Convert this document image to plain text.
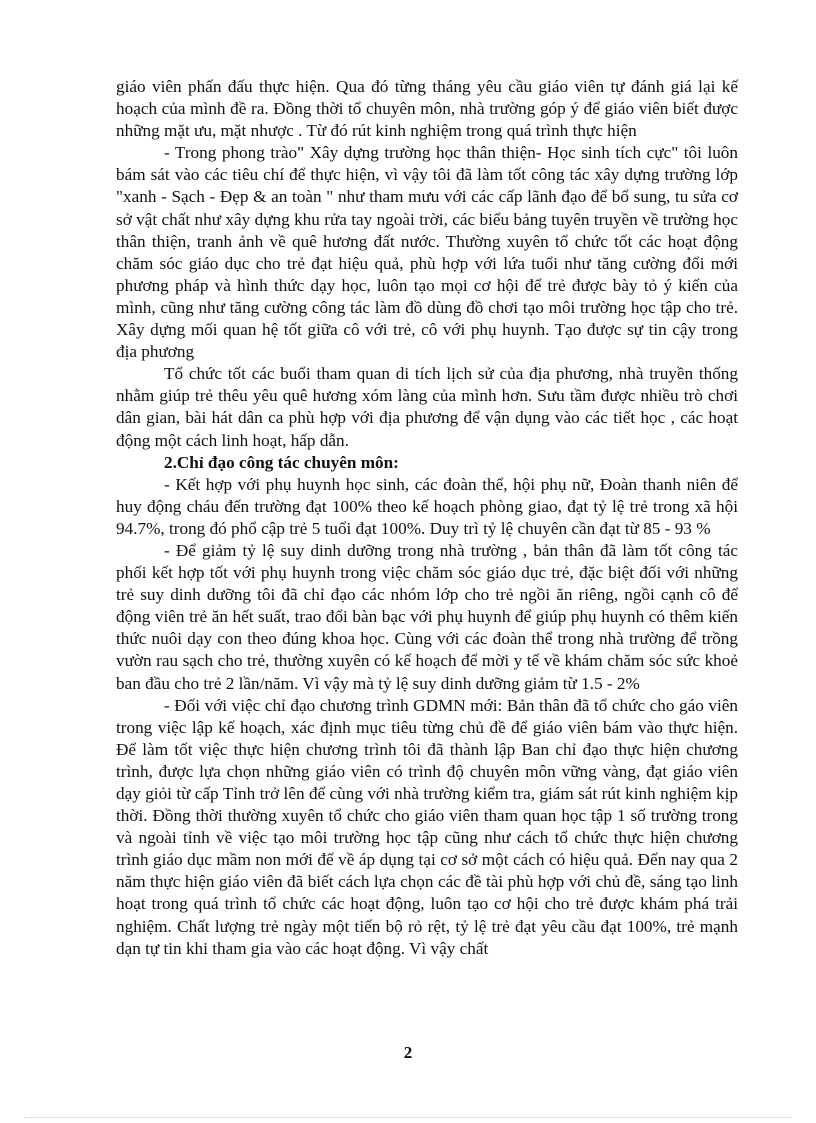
giáo viên phấn đấu thực hiện. Qua đó từng tháng yêu cầu giáo viên tự đánh giá lại kế hoạch của mình đề ra. Đồng thời tổ chuyên môn, nhà trường góp ý để giáo viên biết được những mặt ưu, mặt nhược . Từ đó rút kinh nghiệm trong quá trình thực hiện

- Trong phong trào" Xây dựng trường học thân thiện- Học sinh tích cực" tôi luôn bám sát vào các tiêu chí để thực hiện, vì vậy tôi đã làm tốt công tác xây dựng trường lớp "xanh - Sạch - Đẹp & an toàn " như tham mưu với các cấp lãnh đạo để bổ sung, tu sửa cơ sở vật chất như xây dựng khu rửa tay ngoài trời, các biểu bảng tuyên truyền về trường học thân thiện, tranh ảnh về quê hương đất nước. Thường xuyên tổ chức tốt các hoạt động chăm sóc giáo dục cho trẻ đạt hiệu quả, phù hợp với lứa tuổi như tăng cường đổi mới phương pháp và hình thức dạy học, luôn tạo mọi cơ hội để trẻ được bày tỏ ý kiến của mình, cũng như tăng cường công tác làm đồ dùng đồ chơi tạo môi trường học tập cho trẻ. Xây dựng mối quan hệ tốt giữa cô với trẻ, cô với phụ huynh. Tạo được sự tin cậy trong địa phương

Tổ chức tốt các buổi tham quan di tích lịch sử của địa phương, nhà truyền thống nhằm giúp trẻ thêu yêu quê hương xóm làng của mình hơn. Sưu tầm được nhiều trò chơi dân gian, bài hát dân ca phù hợp với địa phương để vận dụng vào các tiết học , các hoạt động một cách linh hoạt, hấp dẫn.

2.Chỉ đạo công tác chuyên môn:

- Kết hợp với phụ huynh học sinh, các đoàn thể, hội phụ nữ, Đoàn thanh niên để huy động cháu đến trường đạt 100% theo kế hoạch phòng giao, đạt tỷ lệ trẻ trong xã hội 94.7%, trong đó phổ cập trẻ 5 tuổi đạt 100%. Duy trì tỷ lệ chuyên cần đạt từ 85 - 93 %

- Để giảm tỷ lệ suy dinh dưỡng trong nhà trường , bản thân đã làm tốt công tác phối kết hợp tốt với phụ huynh trong việc chăm sóc giáo dục trẻ, đặc biệt đối với những trẻ suy dinh dưỡng tôi đã chỉ đạo các nhóm lớp cho trẻ ngồi ăn riêng, ngồi cạnh cô để động viên trẻ ăn hết suất, trao đổi bàn bạc với phụ huynh để giúp phụ huynh có thêm kiến thức nuôi dạy con theo đúng khoa học. Cùng với các đoàn thể trong nhà trường để trồng vườn rau sạch cho trẻ, thường xuyên có kế hoạch để mời y tế về khám chăm sóc sức khoẻ ban đầu cho trẻ 2 lần/năm. Vì vậy mà tỷ lệ suy dinh dưỡng giảm từ 1.5 - 2%

- Đối với việc chỉ đạo chương trình GDMN mới: Bản thân đã tổ chức cho gáo viên trong việc lập kế hoạch, xác định mục tiêu từng chủ đề để giáo viên bám vào thực hiện. Để làm tốt việc thực hiện chương trình tôi đã thành lập Ban chỉ đạo thực hiện chương trình, được lựa chọn những giáo viên có trình độ chuyên môn vững vàng, đạt giáo viên dạy giỏi từ cấp Tỉnh trở lên để cùng với nhà trường kiểm tra, giám sát rút kinh nghiệm kịp thời. Đồng thời thường xuyên tổ chức cho giáo viên tham quan học tập 1 số trường trong và ngoài tỉnh về việc tạo môi trường học tập cũng như cách tổ chức thực hiện chương trình giáo dục mầm non mới để về áp dụng tại cơ sở một cách có hiệu quả. Đến nay qua 2 năm thực hiện giáo viên đã biết cách lựa chọn các đề tài phù hợp với chủ đề, sáng tạo linh hoạt trong quá trình tổ chức các hoạt động, luôn tạo cơ hội cho trẻ được khám phá trải nghiệm. Chất lượng trẻ ngày một tiến bộ rỏ rệt, tỷ lệ trẻ đạt yêu cầu đạt 100%, trẻ mạnh dạn tự tin khi tham gia vào các hoạt động. Vì vậy chất

2
